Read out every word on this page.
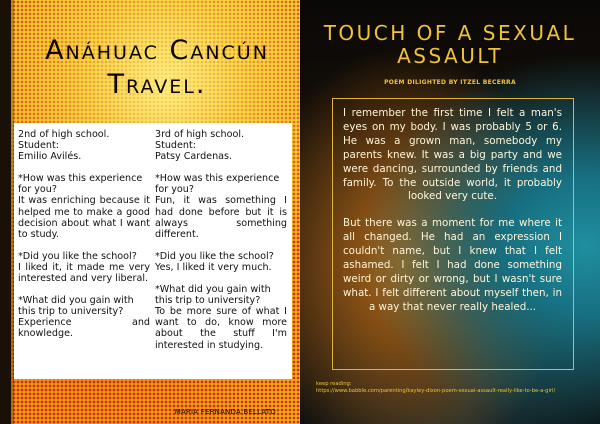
Anáhuac Cancún Travel.

2nd of high school.

Student:

Emilio Avilés.

*How was this experience for you?

It was enriching because it helped me to make a good decision about what I want to study.

*Did you like the school?

I liked it, it made me very interested and very liberal.

*What did you gain with this trip to university?

Experience and knowledge.

3rd of high school.

Student:

Patsy Cardenas.

*How was this experience for you?

Fun, it was something I had done before but it is always something different.

*Did you like the school?

Yes, I liked it very much.

*What did you gain with this trip to university?

To be more sure of what I want to do, know more about the stuff I'm interested in studying.

MARIA FERNANDA BELLATO
TOUCH OF A SEXUAL ASSAULT
POEM DILIGHTED BY ITZEL BECERRA

I remember the first time I felt a man's eyes on my body. I was probably 5 or 6. He was a grown man, somebody my parents knew. It was a big party and we were dancing, surrounded by friends and family. To the outside world, it probably looked very cute.

But there was a moment for me where it all changed. He had an expression I couldn't name, but I knew that I felt ashamed. I felt I had done something weird or dirty or wrong, but I wasn't sure what. I felt different about myself then, in a way that never really healed...

keep reading:
https://www.babble.com/parenting/kayley-dixon-poem-sexual-assault-really-like-to-be-a-girl/
